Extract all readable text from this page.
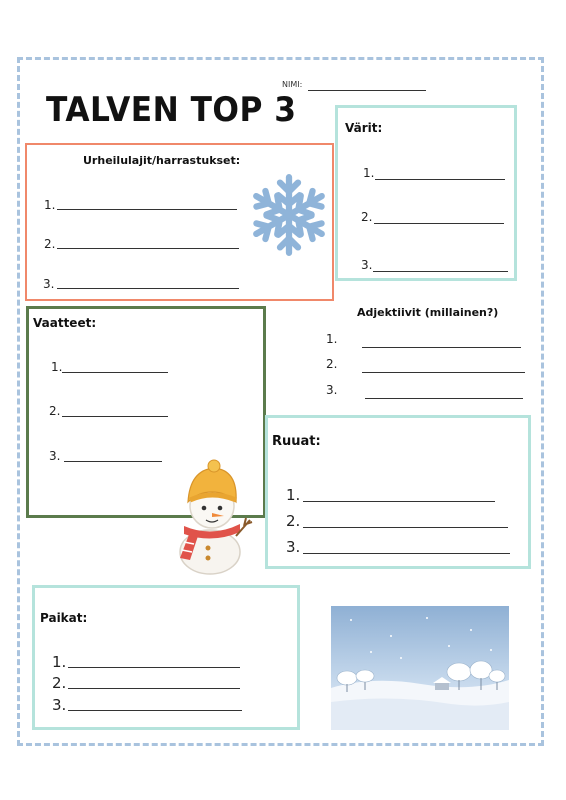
TALVEN TOP 3
NIMI:
Urheilulajit/harrastukset:
1.
2.
3.
Värit:
1.
2.
3.
Vaatteet:
1.
2.
3.
Adjektiivit (millainen?)
1.
2.
3.
Ruuat:
1.
2.
3.
Paikat:
1.
2.
3.
